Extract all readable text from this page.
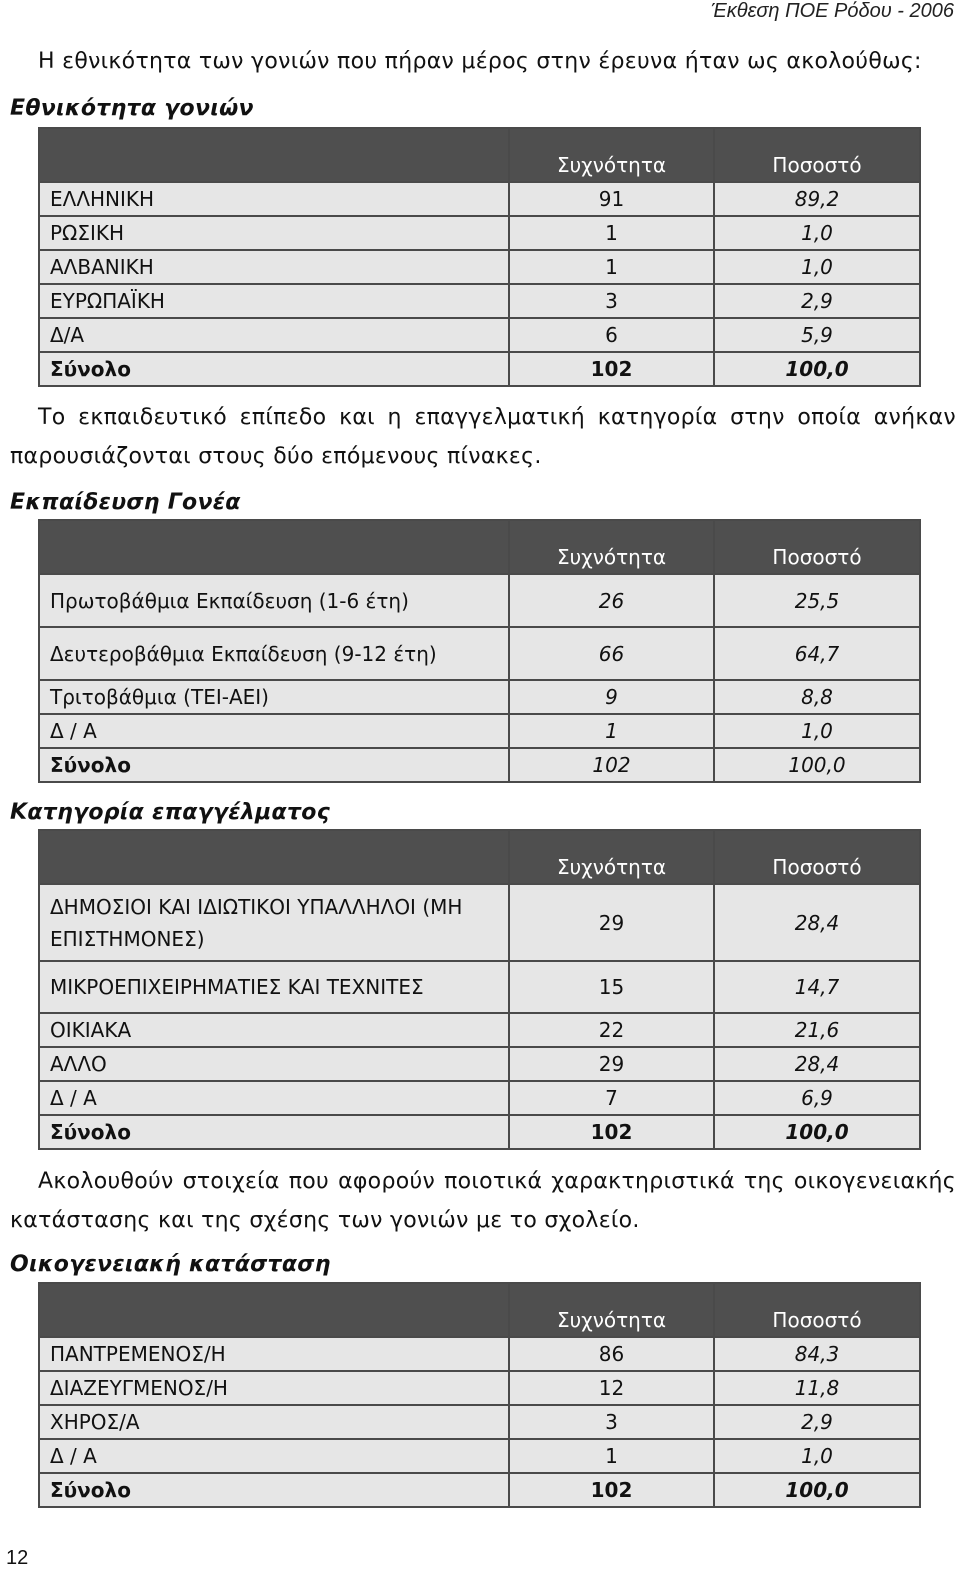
Έκθεση ΠΟΕ Ρόδου - 2006
Η εθνικότητα των γονιών που πήραν μέρος στην έρευνα ήταν ως ακολούθως:
Εθνικότητα γονιών
	Συχνότητα	Ποσοστό
ΕΛΛΗΝΙΚΗ	91	89,2
ΡΩΣΙΚΗ	1	1,0
ΑΛΒΑΝΙΚΗ	1	1,0
ΕΥΡΩΠΑΪΚΗ	3	2,9
Δ/Α	6	5,9
Σύνολο	102	100,0
Το εκπαιδευτικό επίπεδο και η επαγγελματική κατηγορία στην οποία ανήκαν παρουσιάζονται στους δύο επόμενους πίνακες.
Εκπαίδευση Γονέα
	Συχνότητα	Ποσοστό
Πρωτοβάθμια Εκπαίδευση (1-6 έτη)	26	25,5
Δευτεροβάθμια Εκπαίδευση (9-12 έτη)	66	64,7
Τριτοβάθμια (ΤΕΙ-ΑΕΙ)	9	8,8
Δ / Α	1	1,0
Σύνολο	102	100,0
Κατηγορία επαγγέλματος
	Συχνότητα	Ποσοστό
ΔΗΜΟΣΙΟΙ ΚΑΙ ΙΔΙΩΤΙΚΟΙ ΥΠΑΛΛΗΛΟΙ (ΜΗ ΕΠΙΣΤΗΜΟΝΕΣ)	29	28,4
ΜΙΚΡΟΕΠΙΧΕΙΡΗΜΑΤΙΕΣ ΚΑΙ ΤΕΧΝΙΤΕΣ	15	14,7
ΟΙΚΙΑΚΑ	22	21,6
ΑΛΛΟ	29	28,4
Δ / Α	7	6,9
Σύνολο	102	100,0
Ακολουθούν στοιχεία που αφορούν ποιοτικά χαρακτηριστικά της οικογενειακής κατάστασης και της σχέσης των γονιών με το σχολείο.
Οικογενειακή κατάσταση
	Συχνότητα	Ποσοστό
ΠΑΝΤΡΕΜΕΝΟΣ/Η	86	84,3
ΔΙΑΖΕΥΓΜΕΝΟΣ/Η	12	11,8
ΧΗΡΟΣ/Α	3	2,9
Δ / Α	1	1,0
Σύνολο	102	100,0
12
